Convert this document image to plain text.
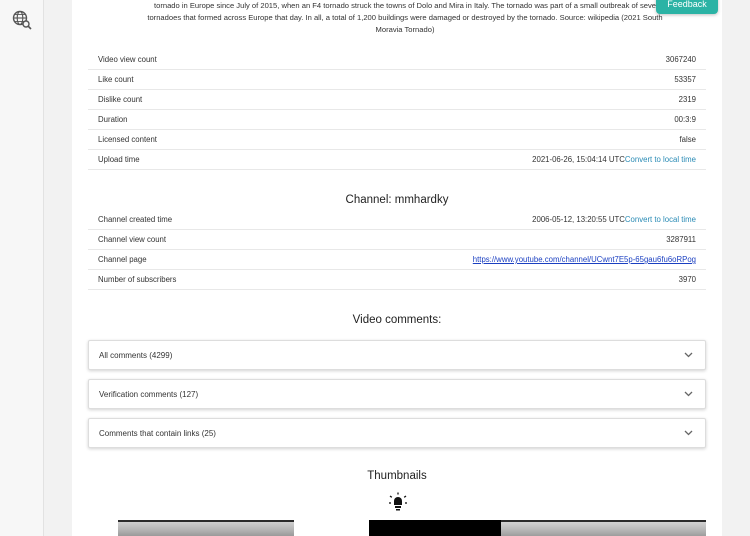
Feedback

tornado in Europe since July of 2015, when an F4 tornado struck the towns of Dolo and Mira in Italy. The tornado was part of a small outbreak of seve

tornadoes that formed across Europe that day. In all, a total of 1,200 buildings were damaged or destroyed by the tornado. Source: wikipedia (2021 South

Moravia Tornado)

Video view count	3067240
Like count	53357
Dislike count	2319
Duration	00:3:9
Licensed content	false
Upload time	2021-06-26, 15:04:14 UTC Convert to local time
Channel: mmhardky
Channel created time	2006-05-12, 13:20:55 UTC Convert to local time
Channel view count	3287911
Channel page	https://www.youtube.com/channel/UCwnt7E5p-65gau6fu6oRPog
Number of subscribers	3970
Video comments:
All comments (4299)
Verification comments (127)
Comments that contain links (25)
Thumbnails
